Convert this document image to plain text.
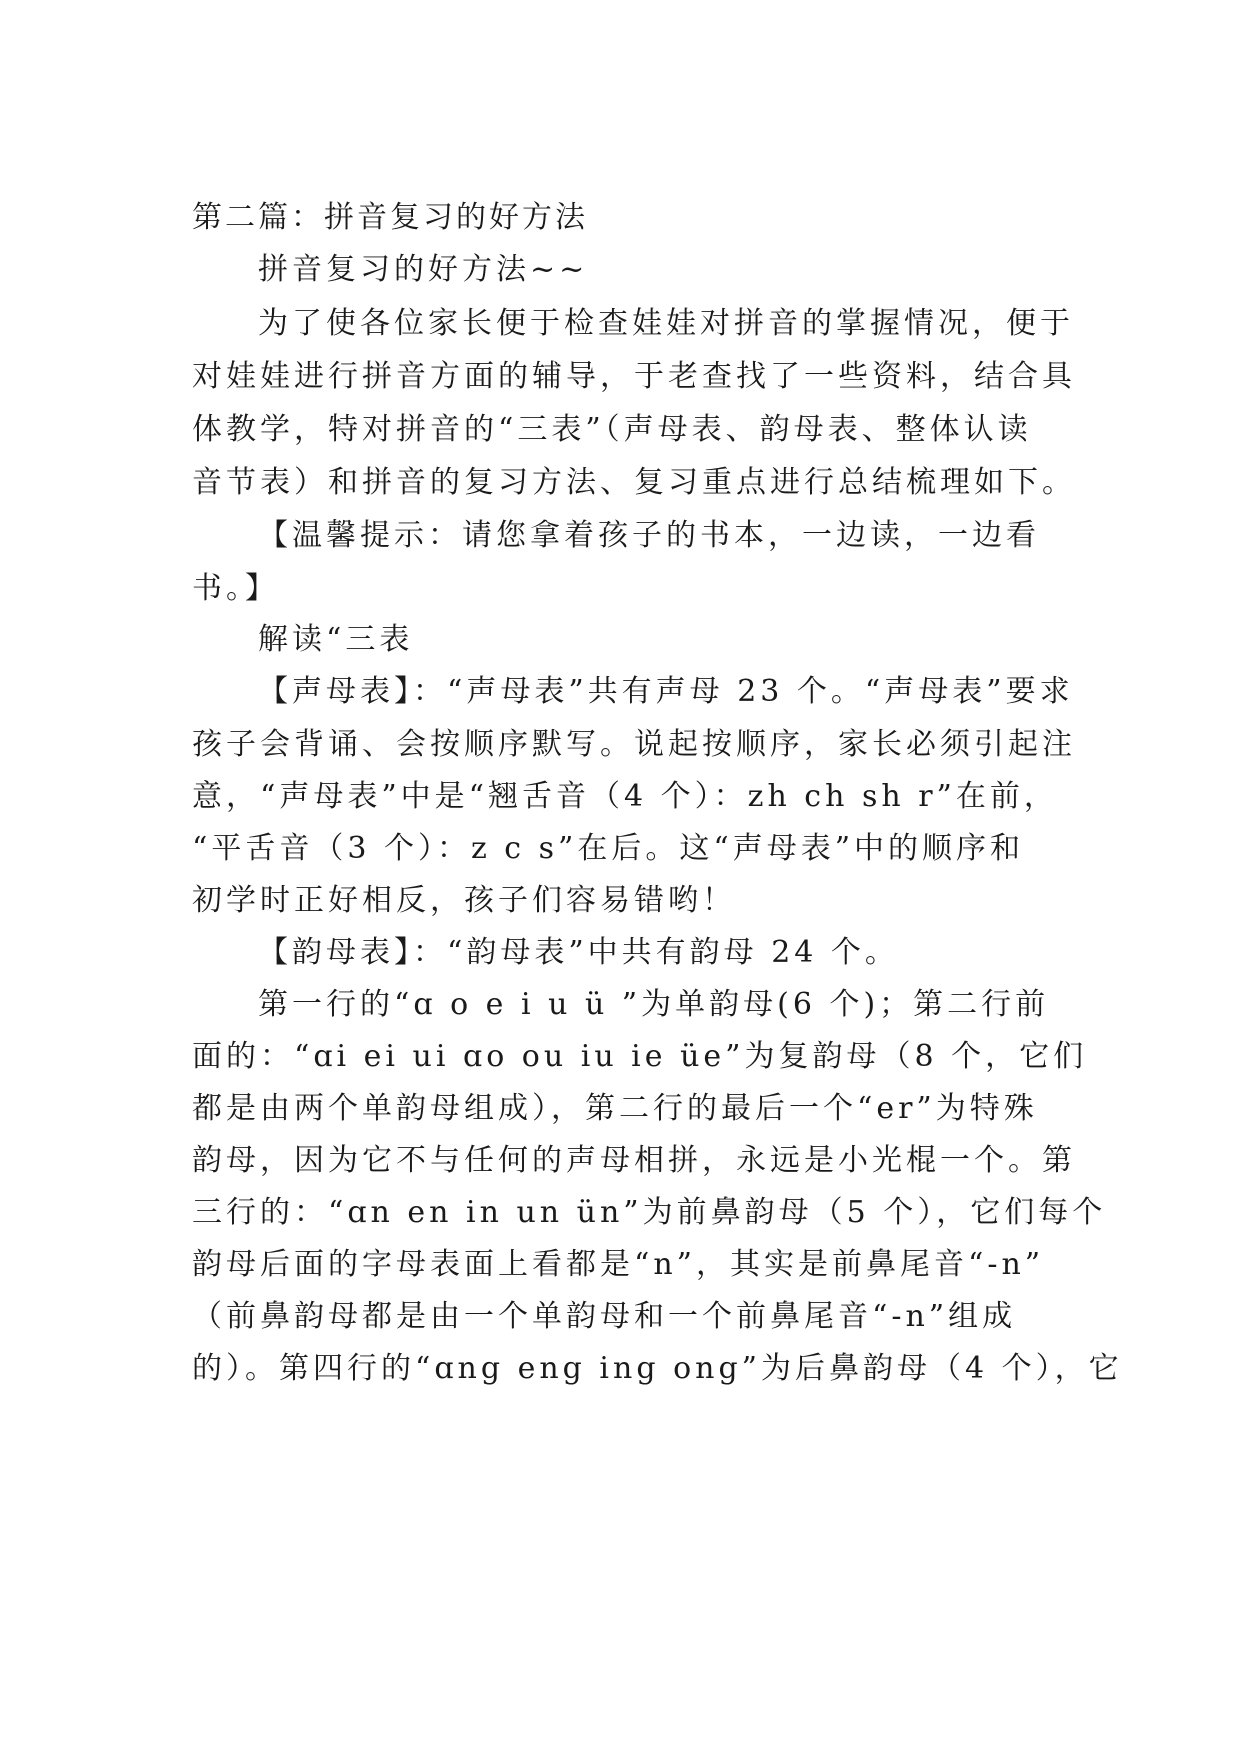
第二篇：拼音复习的好方法
拼音复习的好方法~~
为了使各位家长便于检查娃娃对拼音的掌握情况，便于
对娃娃进行拼音方面的辅导，于老查找了一些资料，结合具
体教学，特对拼音的“三表”（声母表、韵母表、整体认读
音节表）和拼音的复习方法、复习重点进行总结梳理如下。
【温馨提示：请您拿着孩子的书本，一边读，一边看
书。】
解读“三表
【声母表】：“声母表”共有声母 23 个。“声母表”要求
孩子会背诵、会按顺序默写。说起按顺序，家长必须引起注
意，“声母表”中是“翘舌音（4 个）：zh ch sh r”在前，
“平舌音（3 个）：z c s”在后。这“声母表”中的顺序和
初学时正好相反，孩子们容易错哟！
【韵母表】：“韵母表”中共有韵母 24 个。
第一行的“ɑ o e i u ü ”为单韵母(6 个)；第二行前
面的：“ɑi ei ui ɑo ou iu ie üe”为复韵母（8 个，它们
都是由两个单韵母组成），第二行的最后一个“er”为特殊
韵母，因为它不与任何的声母相拼，永远是小光棍一个。第
三行的：“ɑn en in un ün”为前鼻韵母（5 个），它们每个
韵母后面的字母表面上看都是“n”，其实是前鼻尾音“-n”
（前鼻韵母都是由一个单韵母和一个前鼻尾音“-n”组成
的）。第四行的“ɑng eng ing ong”为后鼻韵母（4 个），它
